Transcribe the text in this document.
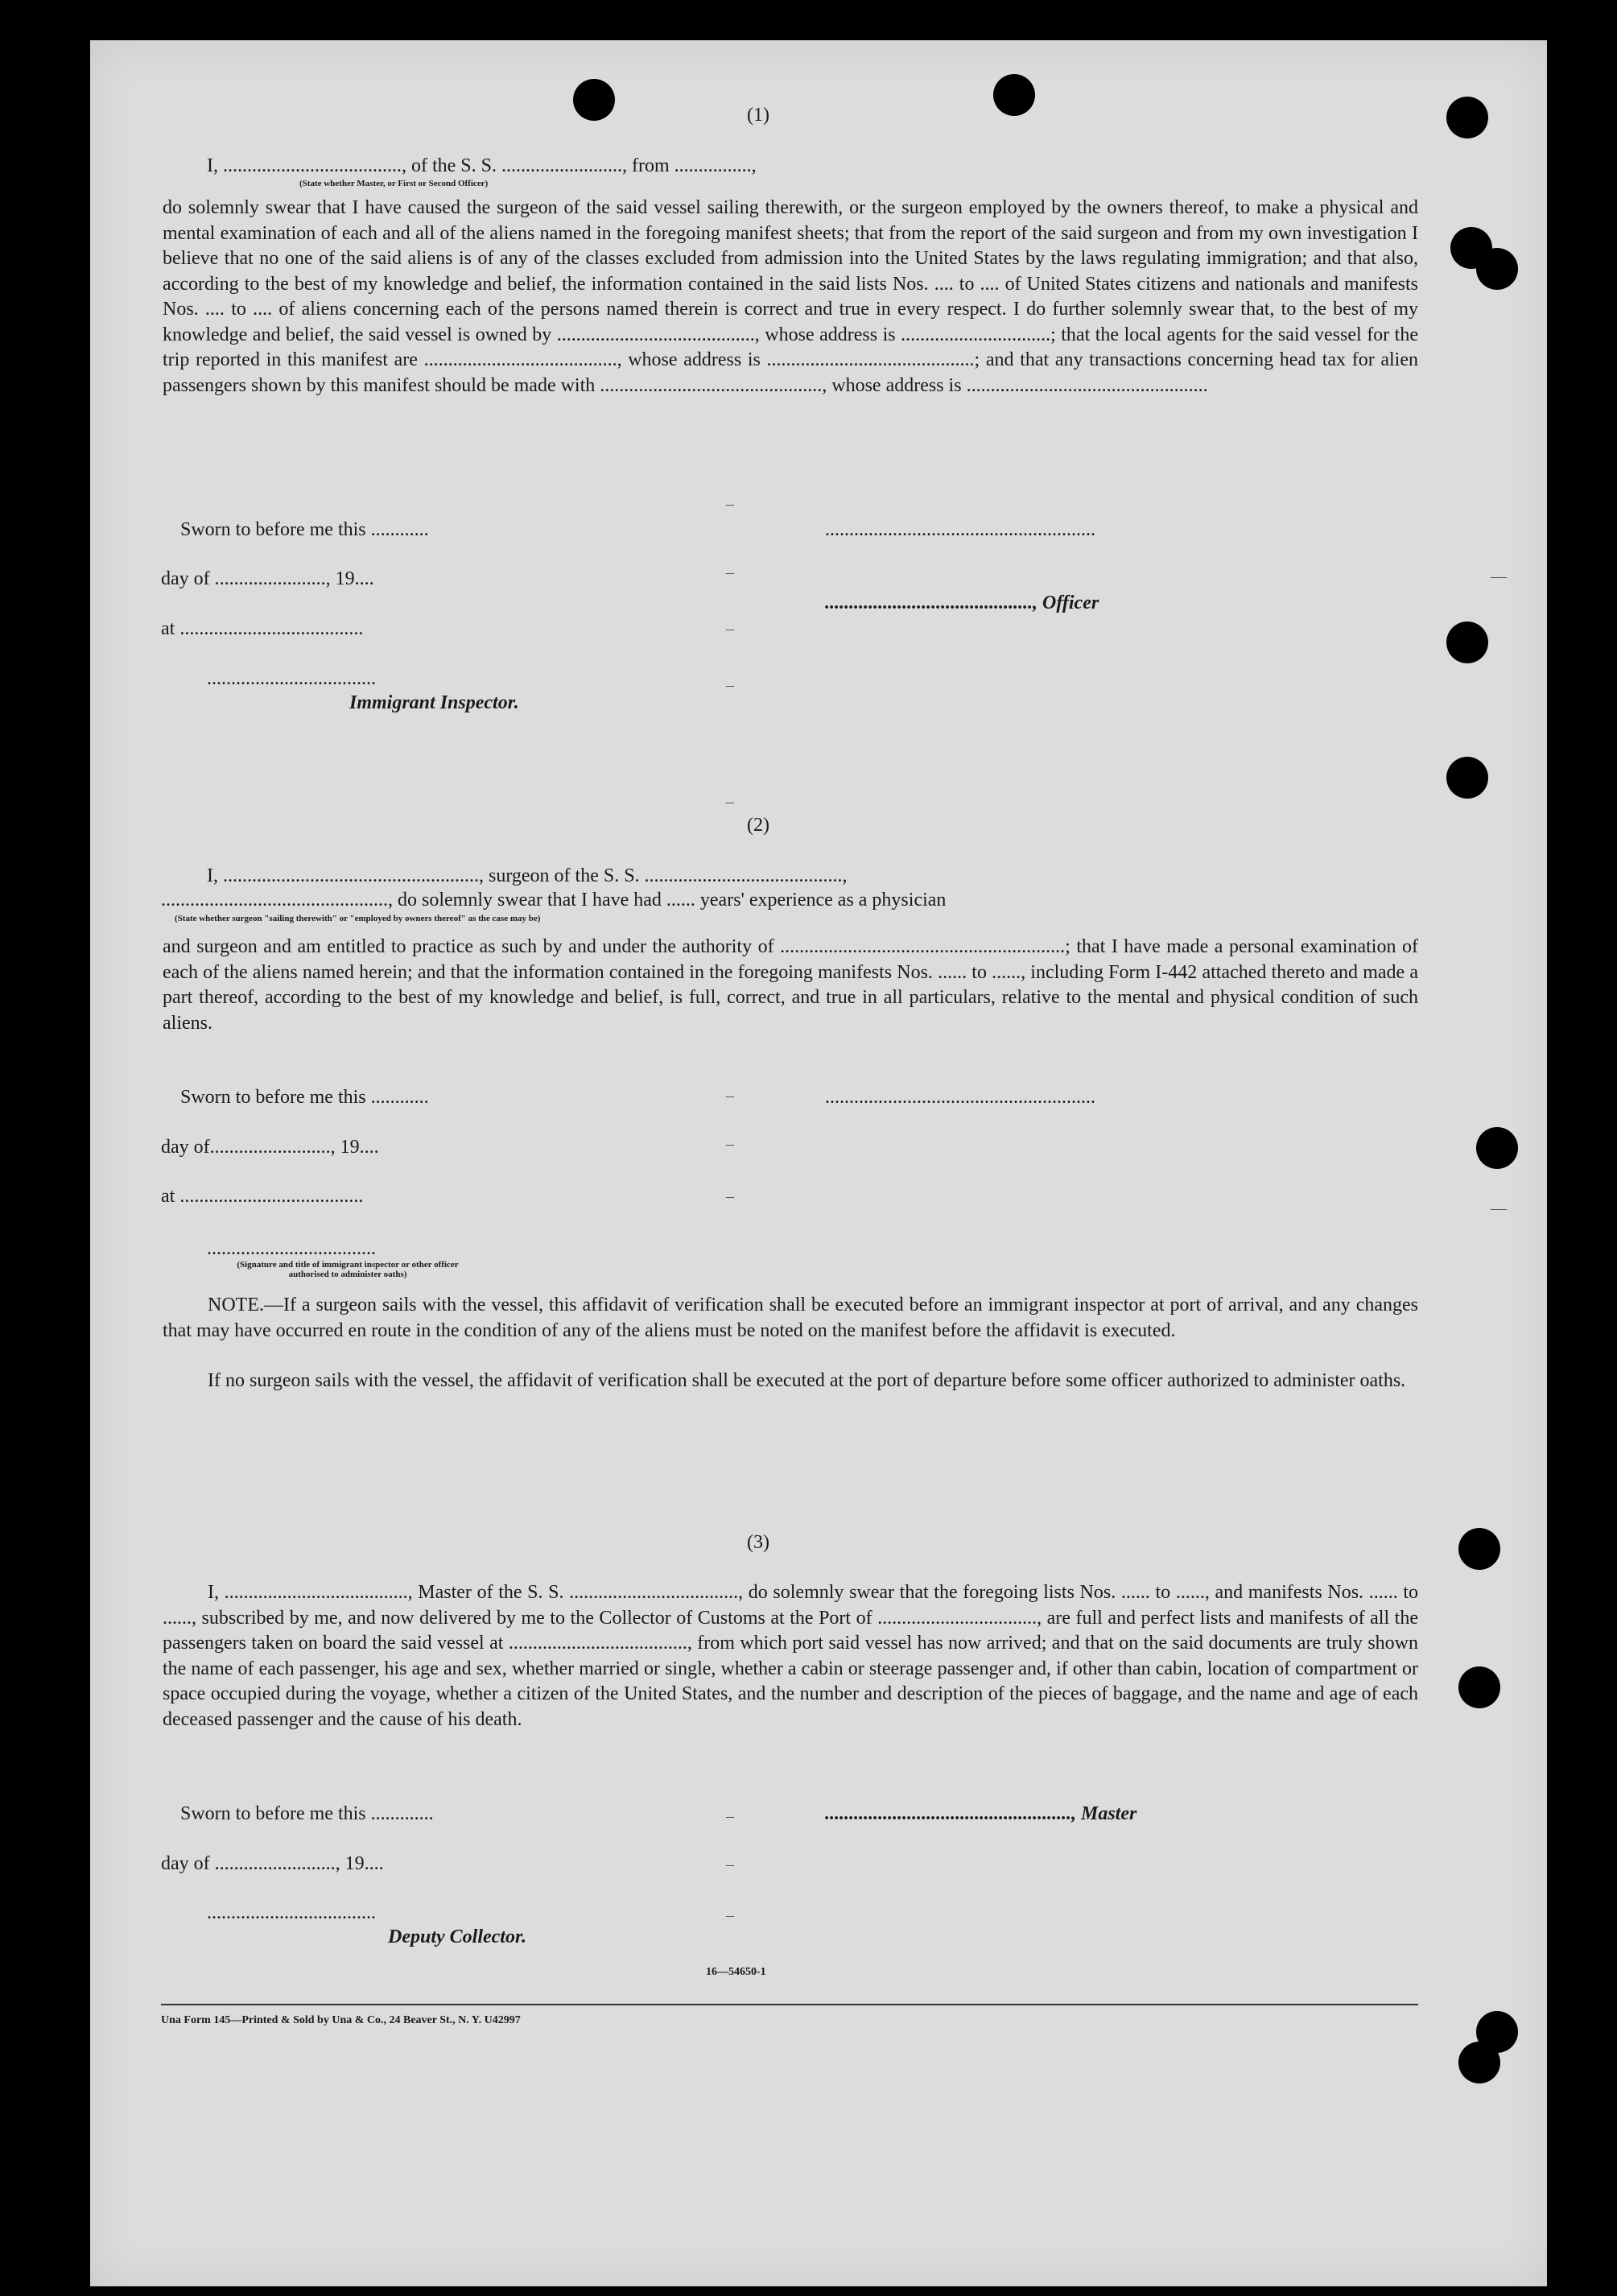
(1)
I, ....................................., of the S. S. ........................., from ................,
(State whether Master, or First or Second Officer)
do solemnly swear that I have caused the surgeon of the said vessel sailing therewith, or the surgeon employed by the owners thereof, to make a physical and mental examination of each and all of the aliens named in the foregoing manifest sheets; that from the report of the said surgeon and from my own investigation I believe that no one of the said aliens is of any of the classes excluded from admission into the United States by the laws regulating immigration; and that also, according to the best of my knowledge and belief, the information contained in the said lists Nos. .... to .... of United States citizens and nationals and manifests Nos. .... to .... of aliens concerning each of the persons named therein is correct and true in every respect. I do further solemnly swear that, to the best of my knowledge and belief, the said vessel is owned by ........................................., whose address is ...............................; that the local agents for the said vessel for the trip reported in this manifest are ........................................, whose address is ...........................................; and that any transactions concerning head tax for alien passengers shown by this manifest should be made with .............................................., whose address is ..................................................
Sworn to before me this ............	........................................................
day of ......................., 19....
..........................................., Officer
at ......................................
...................................
Immigrant Inspector.
(2)
I, ....................................................., surgeon of the S. S. .........................................,
..............................................., do solemnly swear that I have had ...... years' experience as a physician
(State whether surgeon "sailing therewith" or "employed by owners thereof" as the case may be)
and surgeon and am entitled to practice as such by and under the authority of ...........................................................; that I have made a personal examination of each of the aliens named herein; and that the information contained in the foregoing manifests Nos. ...... to ......, including Form I-442 attached thereto and made a part thereof, according to the best of my knowledge and belief, is full, correct, and true in all particulars, relative to the mental and physical condition of such aliens.
Sworn to before me this ............	........................................................
day of........................., 19....
at ......................................
...................................
(Signature and title of immigrant inspector or other officer authorised to administer oaths)
NOTE.—If a surgeon sails with the vessel, this affidavit of verification shall be executed before an immigrant inspector at port of arrival, and any changes that may have occurred en route in the condition of any of the aliens must be noted on the manifest before the affidavit is executed.
If no surgeon sails with the vessel, the affidavit of verification shall be executed at the port of departure before some officer authorized to administer oaths.
(3)
I, ......................................, Master of the S. S. ..................................., do solemnly swear that the foregoing lists Nos. ...... to ......, and manifests Nos. ...... to ......, subscribed by me, and now delivered by me to the Collector of Customs at the Port of ................................., are full and perfect lists and manifests of all the passengers taken on board the said vessel at ....................................., from which port said vessel has now arrived; and that on the said documents are truly shown the name of each passenger, his age and sex, whether married or single, whether a cabin or steerage passenger and, if other than cabin, location of compartment or space occupied during the voyage, whether a citizen of the United States, and the number and description of the pieces of baggage, and the name and age of each deceased passenger and the cause of his death.
Sworn to before me this .............	..................................................., Master
day of ........................., 19....
...................................
Deputy Collector.
16—54650-1
Una Form 145—Printed & Sold by Una & Co., 24 Beaver St., N. Y. U42997
–
–
–
–
–
–
–
–
–
–
–
—
—
